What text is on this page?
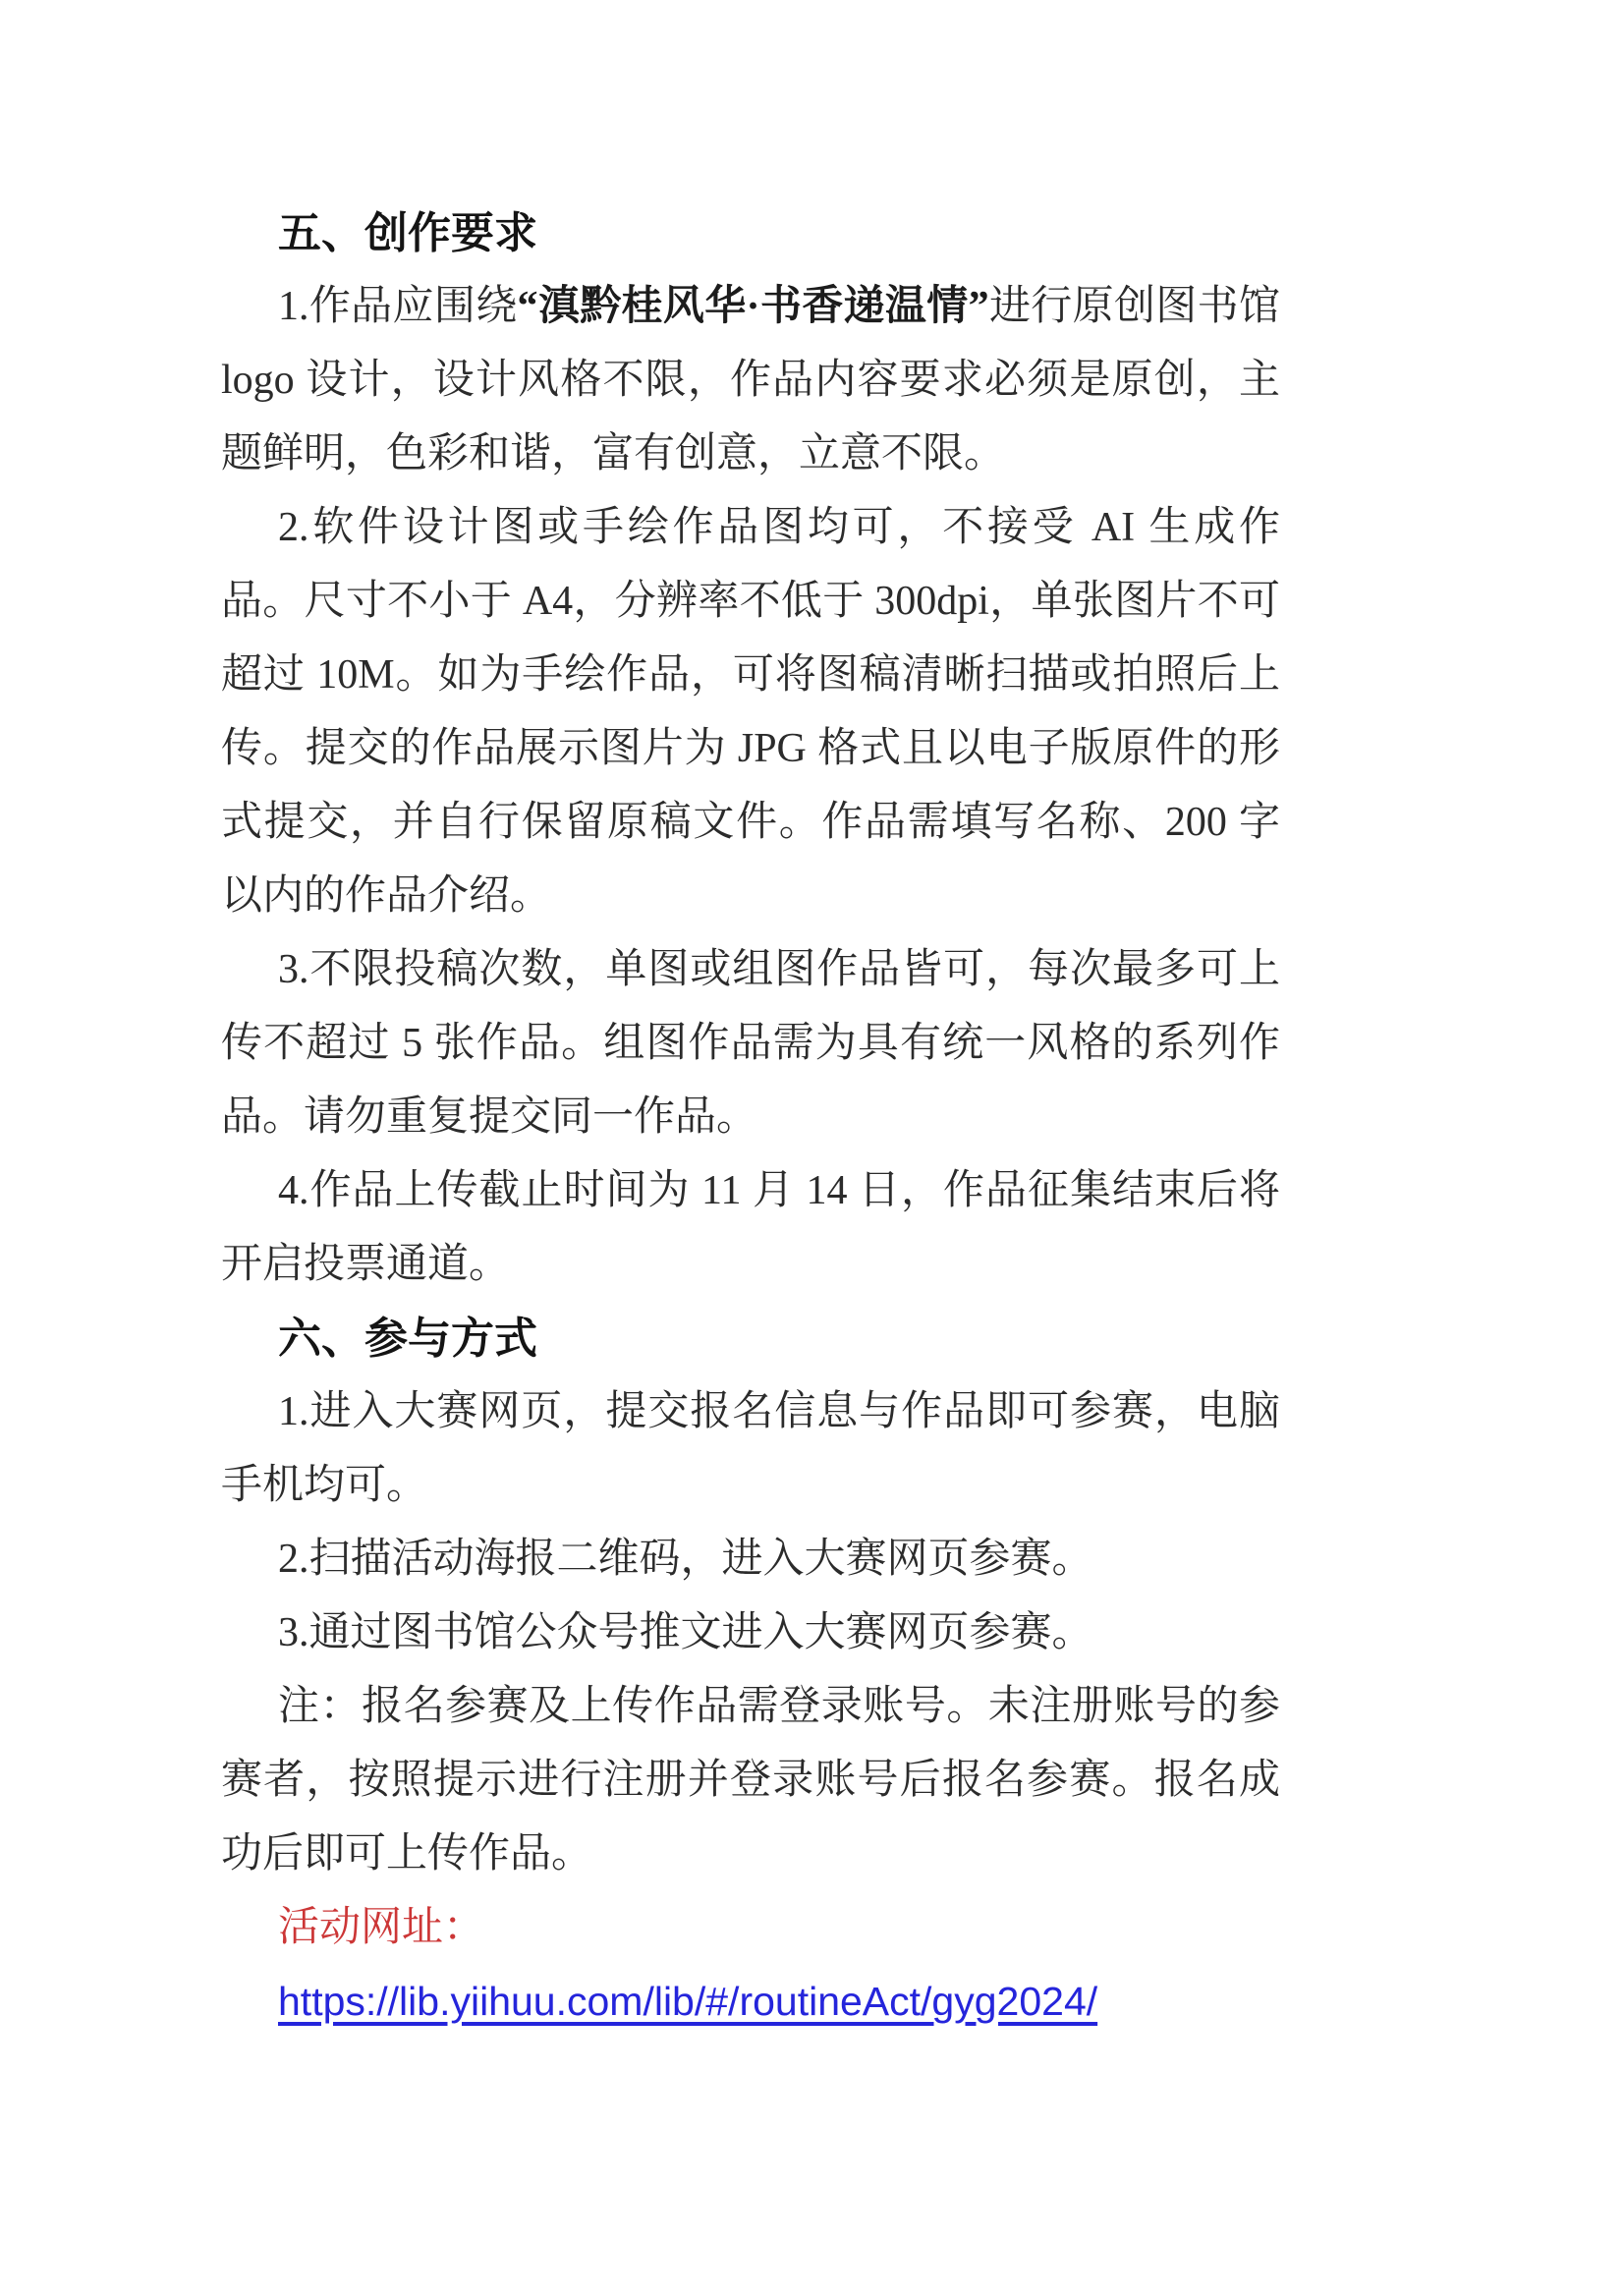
五、创作要求

1.作品应围绕“滇黔桂风华·书香递温情”进行原创图书馆 logo 设计，设计风格不限，作品内容要求必须是原创，主题鲜明，色彩和谐，富有创意，立意不限。

2.软件设计图或手绘作品图均可，不接受 AI 生成作品。尺寸不小于 A4，分辨率不低于 300dpi，单张图片不可超过 10M。如为手绘作品，可将图稿清晰扫描或拍照后上传。提交的作品展示图片为 JPG 格式且以电子版原件的形式提交，并自行保留原稿文件。作品需填写名称、200 字以内的作品介绍。

3.不限投稿次数，单图或组图作品皆可，每次最多可上传不超过 5 张作品。组图作品需为具有统一风格的系列作品。请勿重复提交同一作品。

4.作品上传截止时间为 11 月 14 日，作品征集结束后将开启投票通道。

六、参与方式

1.进入大赛网页，提交报名信息与作品即可参赛，电脑手机均可。

2.扫描活动海报二维码，进入大赛网页参赛。

3.通过图书馆公众号推文进入大赛网页参赛。

注：报名参赛及上传作品需登录账号。未注册账号的参赛者，按照提示进行注册并登录账号后报名参赛。报名成功后即可上传作品。

活动网址：

https://lib.yiihuu.com/lib/#/routineAct/gyg2024/
